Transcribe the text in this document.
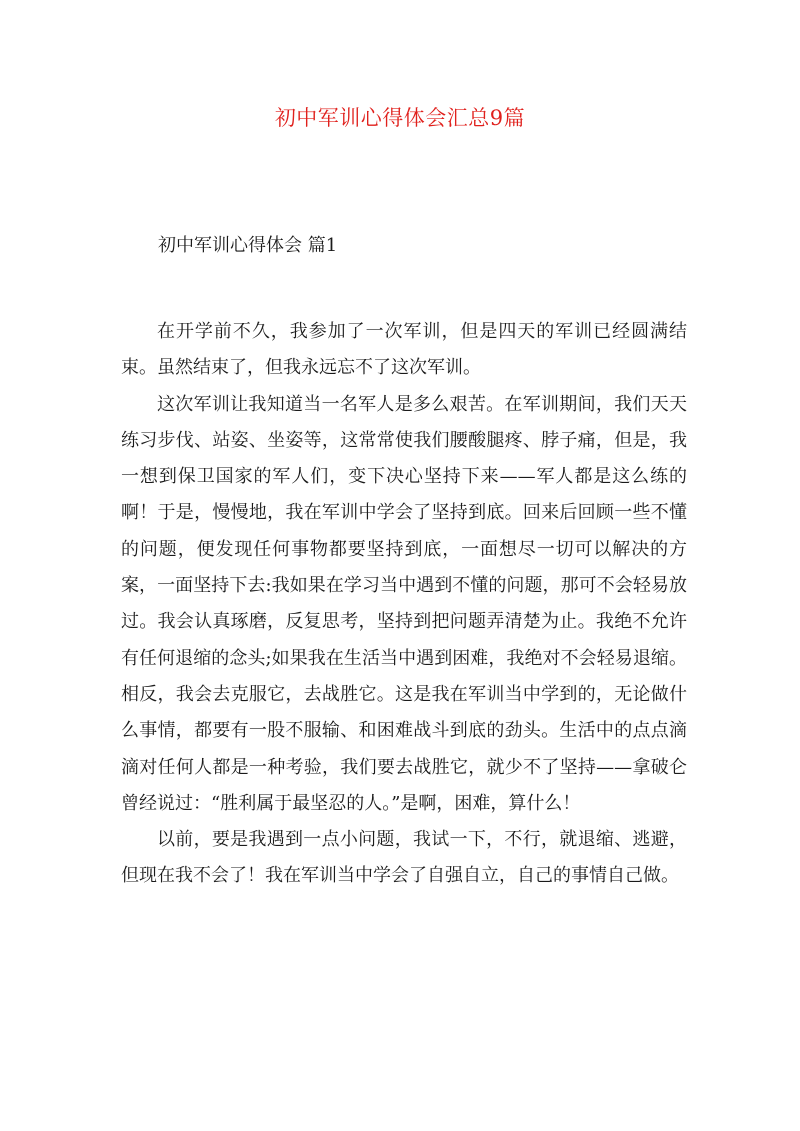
初中军训心得体会汇总9篇
初中军训心得体会 篇1

在开学前不久，我参加了一次军训，但是四天的军训已经圆满结束。虽然结束了，但我永远忘不了这次军训。

这次军训让我知道当一名军人是多么艰苦。在军训期间，我们天天练习步伐、站姿、坐姿等，这常常使我们腰酸腿疼、脖子痛，但是，我一想到保卫国家的军人们，变下决心坚持下来——军人都是这么练的啊！于是，慢慢地，我在军训中学会了坚持到底。回来后回顾一些不懂的问题，便发现任何事物都要坚持到底，一面想尽一切可以解决的方案，一面坚持下去:我如果在学习当中遇到不懂的问题，那可不会轻易放过。我会认真琢磨，反复思考，坚持到把问题弄清楚为止。我绝不允许有任何退缩的念头;如果我在生活当中遇到困难，我绝对不会轻易退缩。相反，我会去克服它，去战胜它。这是我在军训当中学到的，无论做什么事情，都要有一股不服输、和困难战斗到底的劲头。生活中的点点滴滴对任何人都是一种考验，我们要去战胜它，就少不了坚持——拿破仑曾经说过：“胜利属于最坚忍的人。”是啊，困难，算什么！

以前，要是我遇到一点小问题，我试一下，不行，就退缩、逃避，但现在我不会了！我在军训当中学会了自强自立，自己的事情自己做。
